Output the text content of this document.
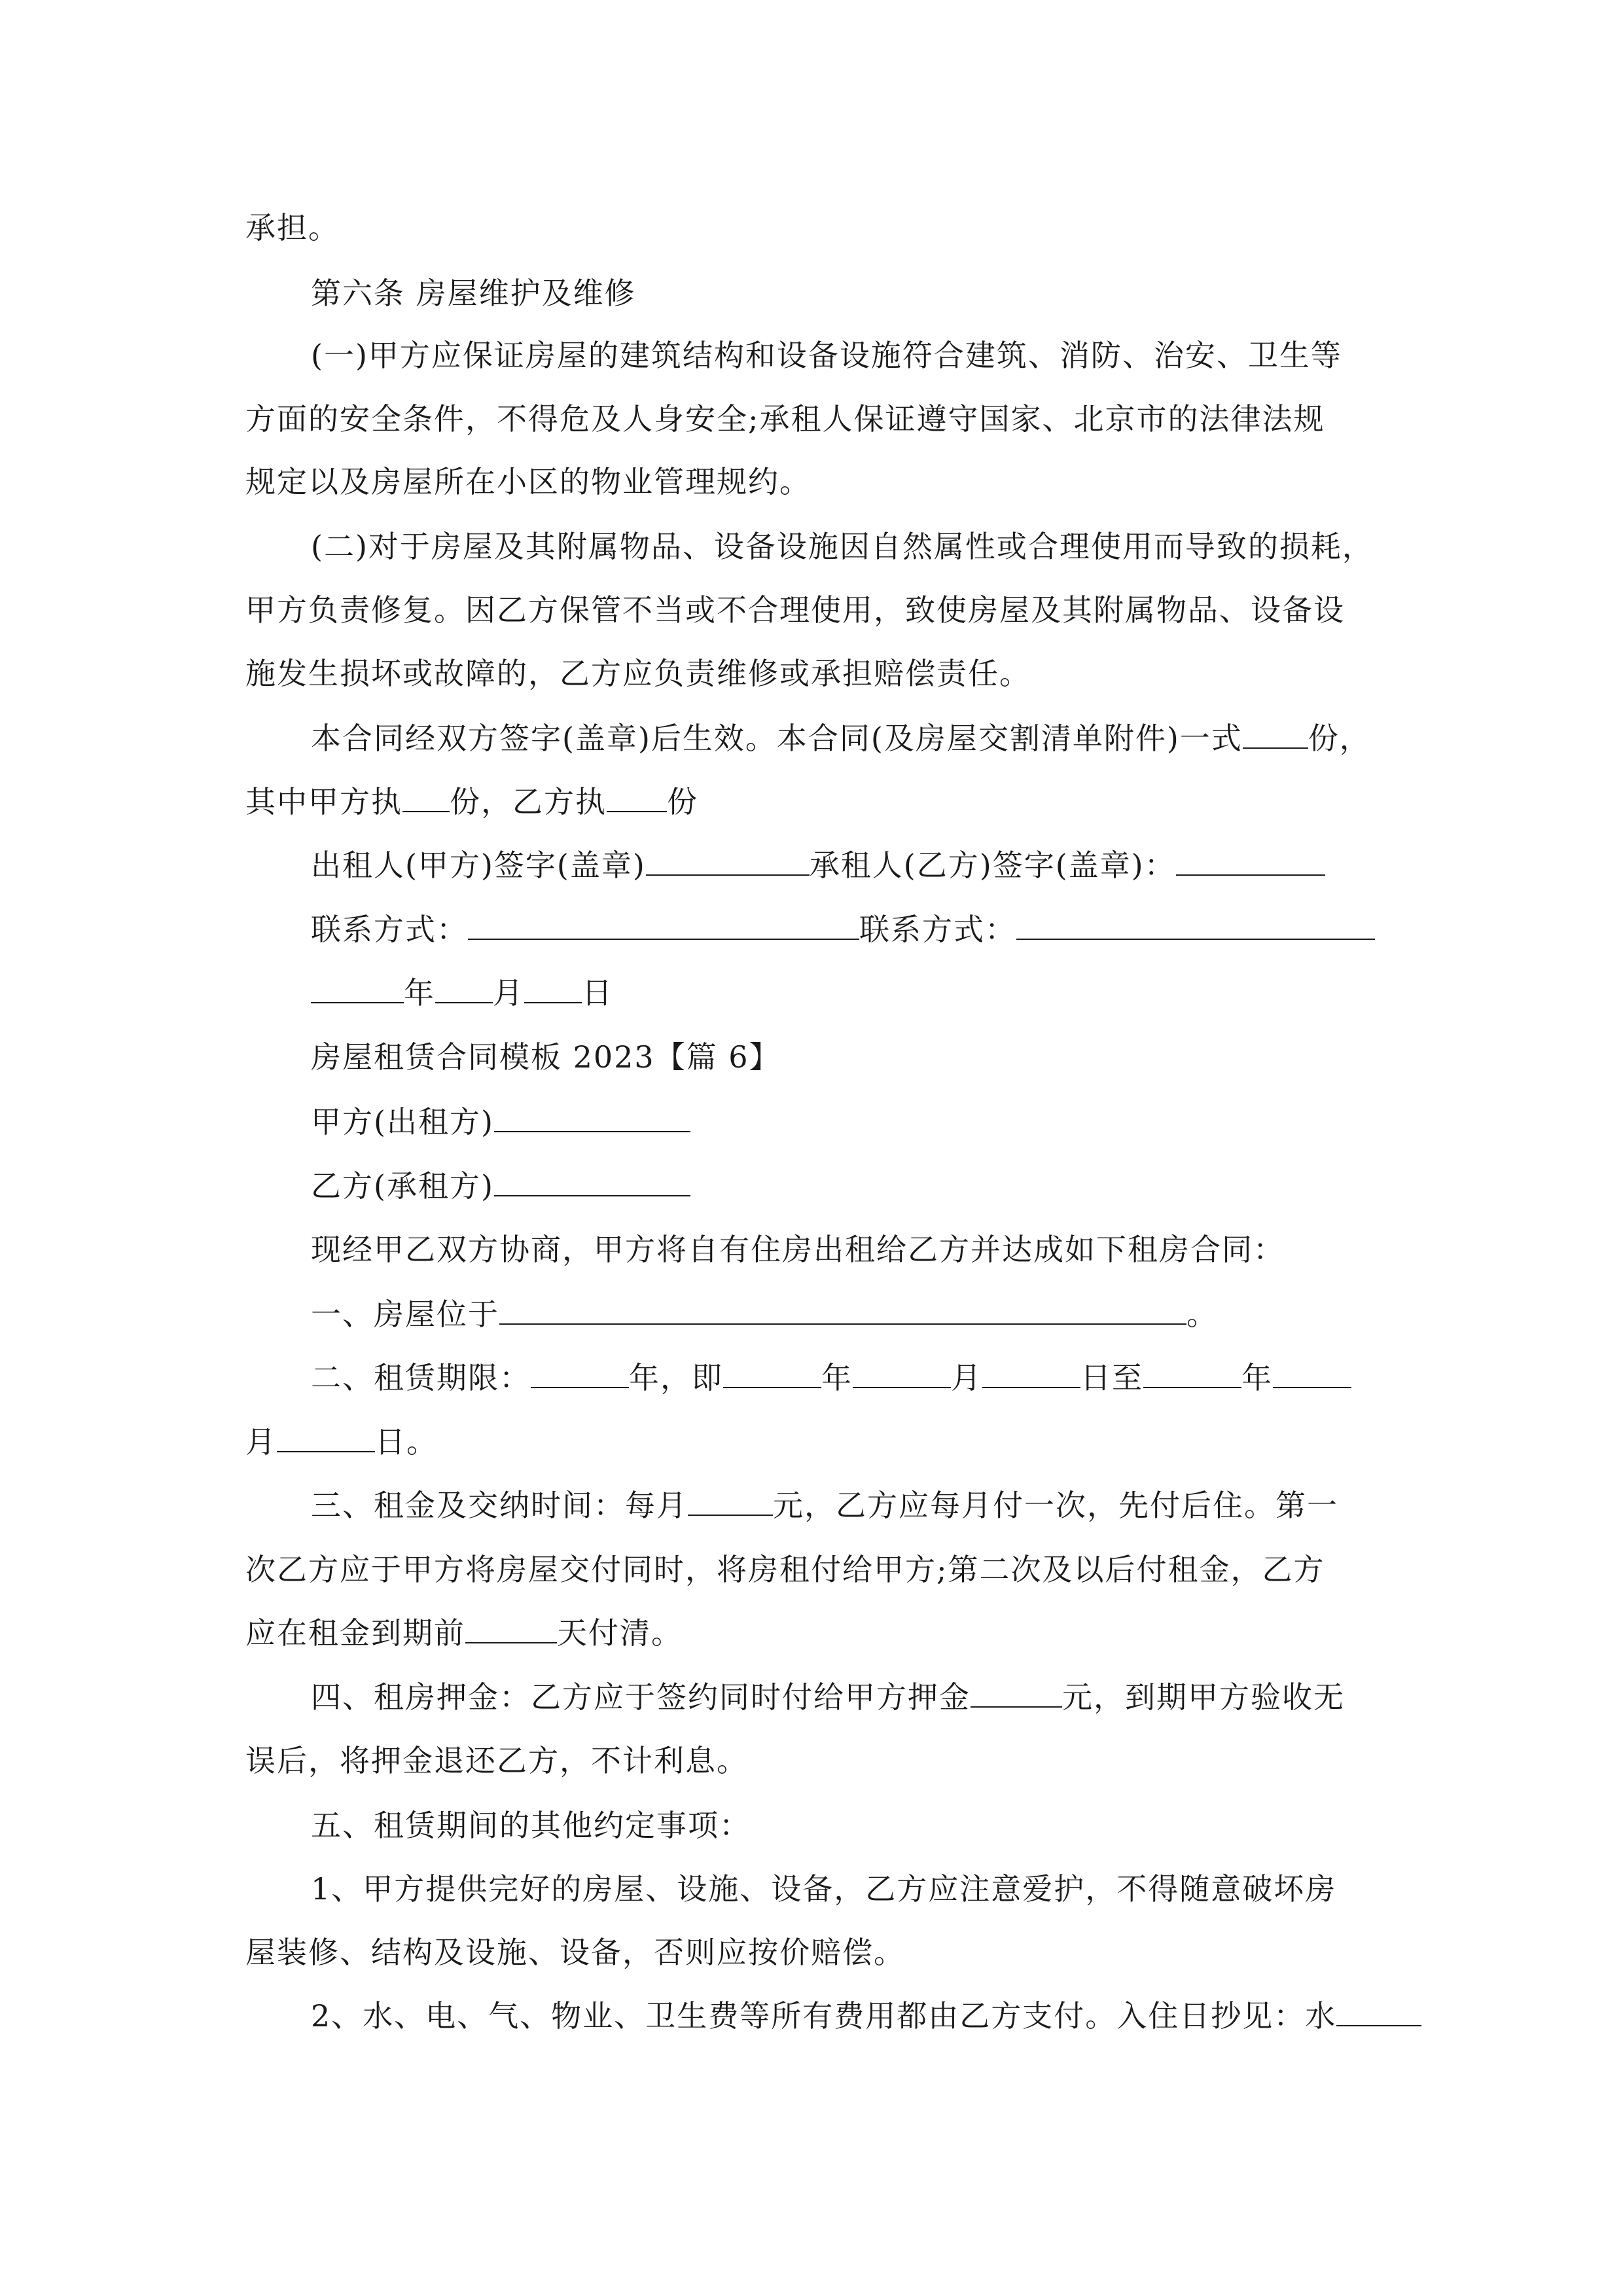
承担。
第六条 房屋维护及维修
(一)甲方应保证房屋的建筑结构和设备设施符合建筑、消防、治安、卫生等
方面的安全条件，不得危及人身安全;承租人保证遵守国家、北京市的法律法规
规定以及房屋所在小区的物业管理规约。
(二)对于房屋及其附属物品、设备设施因自然属性或合理使用而导致的损耗，
甲方负责修复。因乙方保管不当或不合理使用，致使房屋及其附属物品、设备设
施发生损坏或故障的，乙方应负责维修或承担赔偿责任。
本合同经双方签字(盖章)后生效。本合同(及房屋交割清单附件)一式 份，
其中甲方执 份，乙方执 份
出租人(甲方)签字(盖章)	承租人(乙方)签字(盖章)：
联系方式：	联系方式：
年 月 日
房屋租赁合同模板 2023【篇 6】
甲方(出租方)
乙方(承租方)
现经甲乙双方协商，甲方将自有住房出租给乙方并达成如下租房合同：
一、房屋位于	。
二、租赁期限：	年，即	年	月	日至	年
月	日。
三、租金及交纳时间：每月	元，乙方应每月付一次，先付后住。第一
次乙方应于甲方将房屋交付同时，将房租付给甲方;第二次及以后付租金，乙方
应在租金到期前	天付清。
四、租房押金：乙方应于签约同时付给甲方押金	元，到期甲方验收无
误后，将押金退还乙方，不计利息。
五、租赁期间的其他约定事项：
1、甲方提供完好的房屋、设施、设备，乙方应注意爱护，不得随意破坏房
屋装修、结构及设施、设备，否则应按价赔偿。
2、水、电、气、物业、卫生费等所有费用都由乙方支付。入住日抄见：水
